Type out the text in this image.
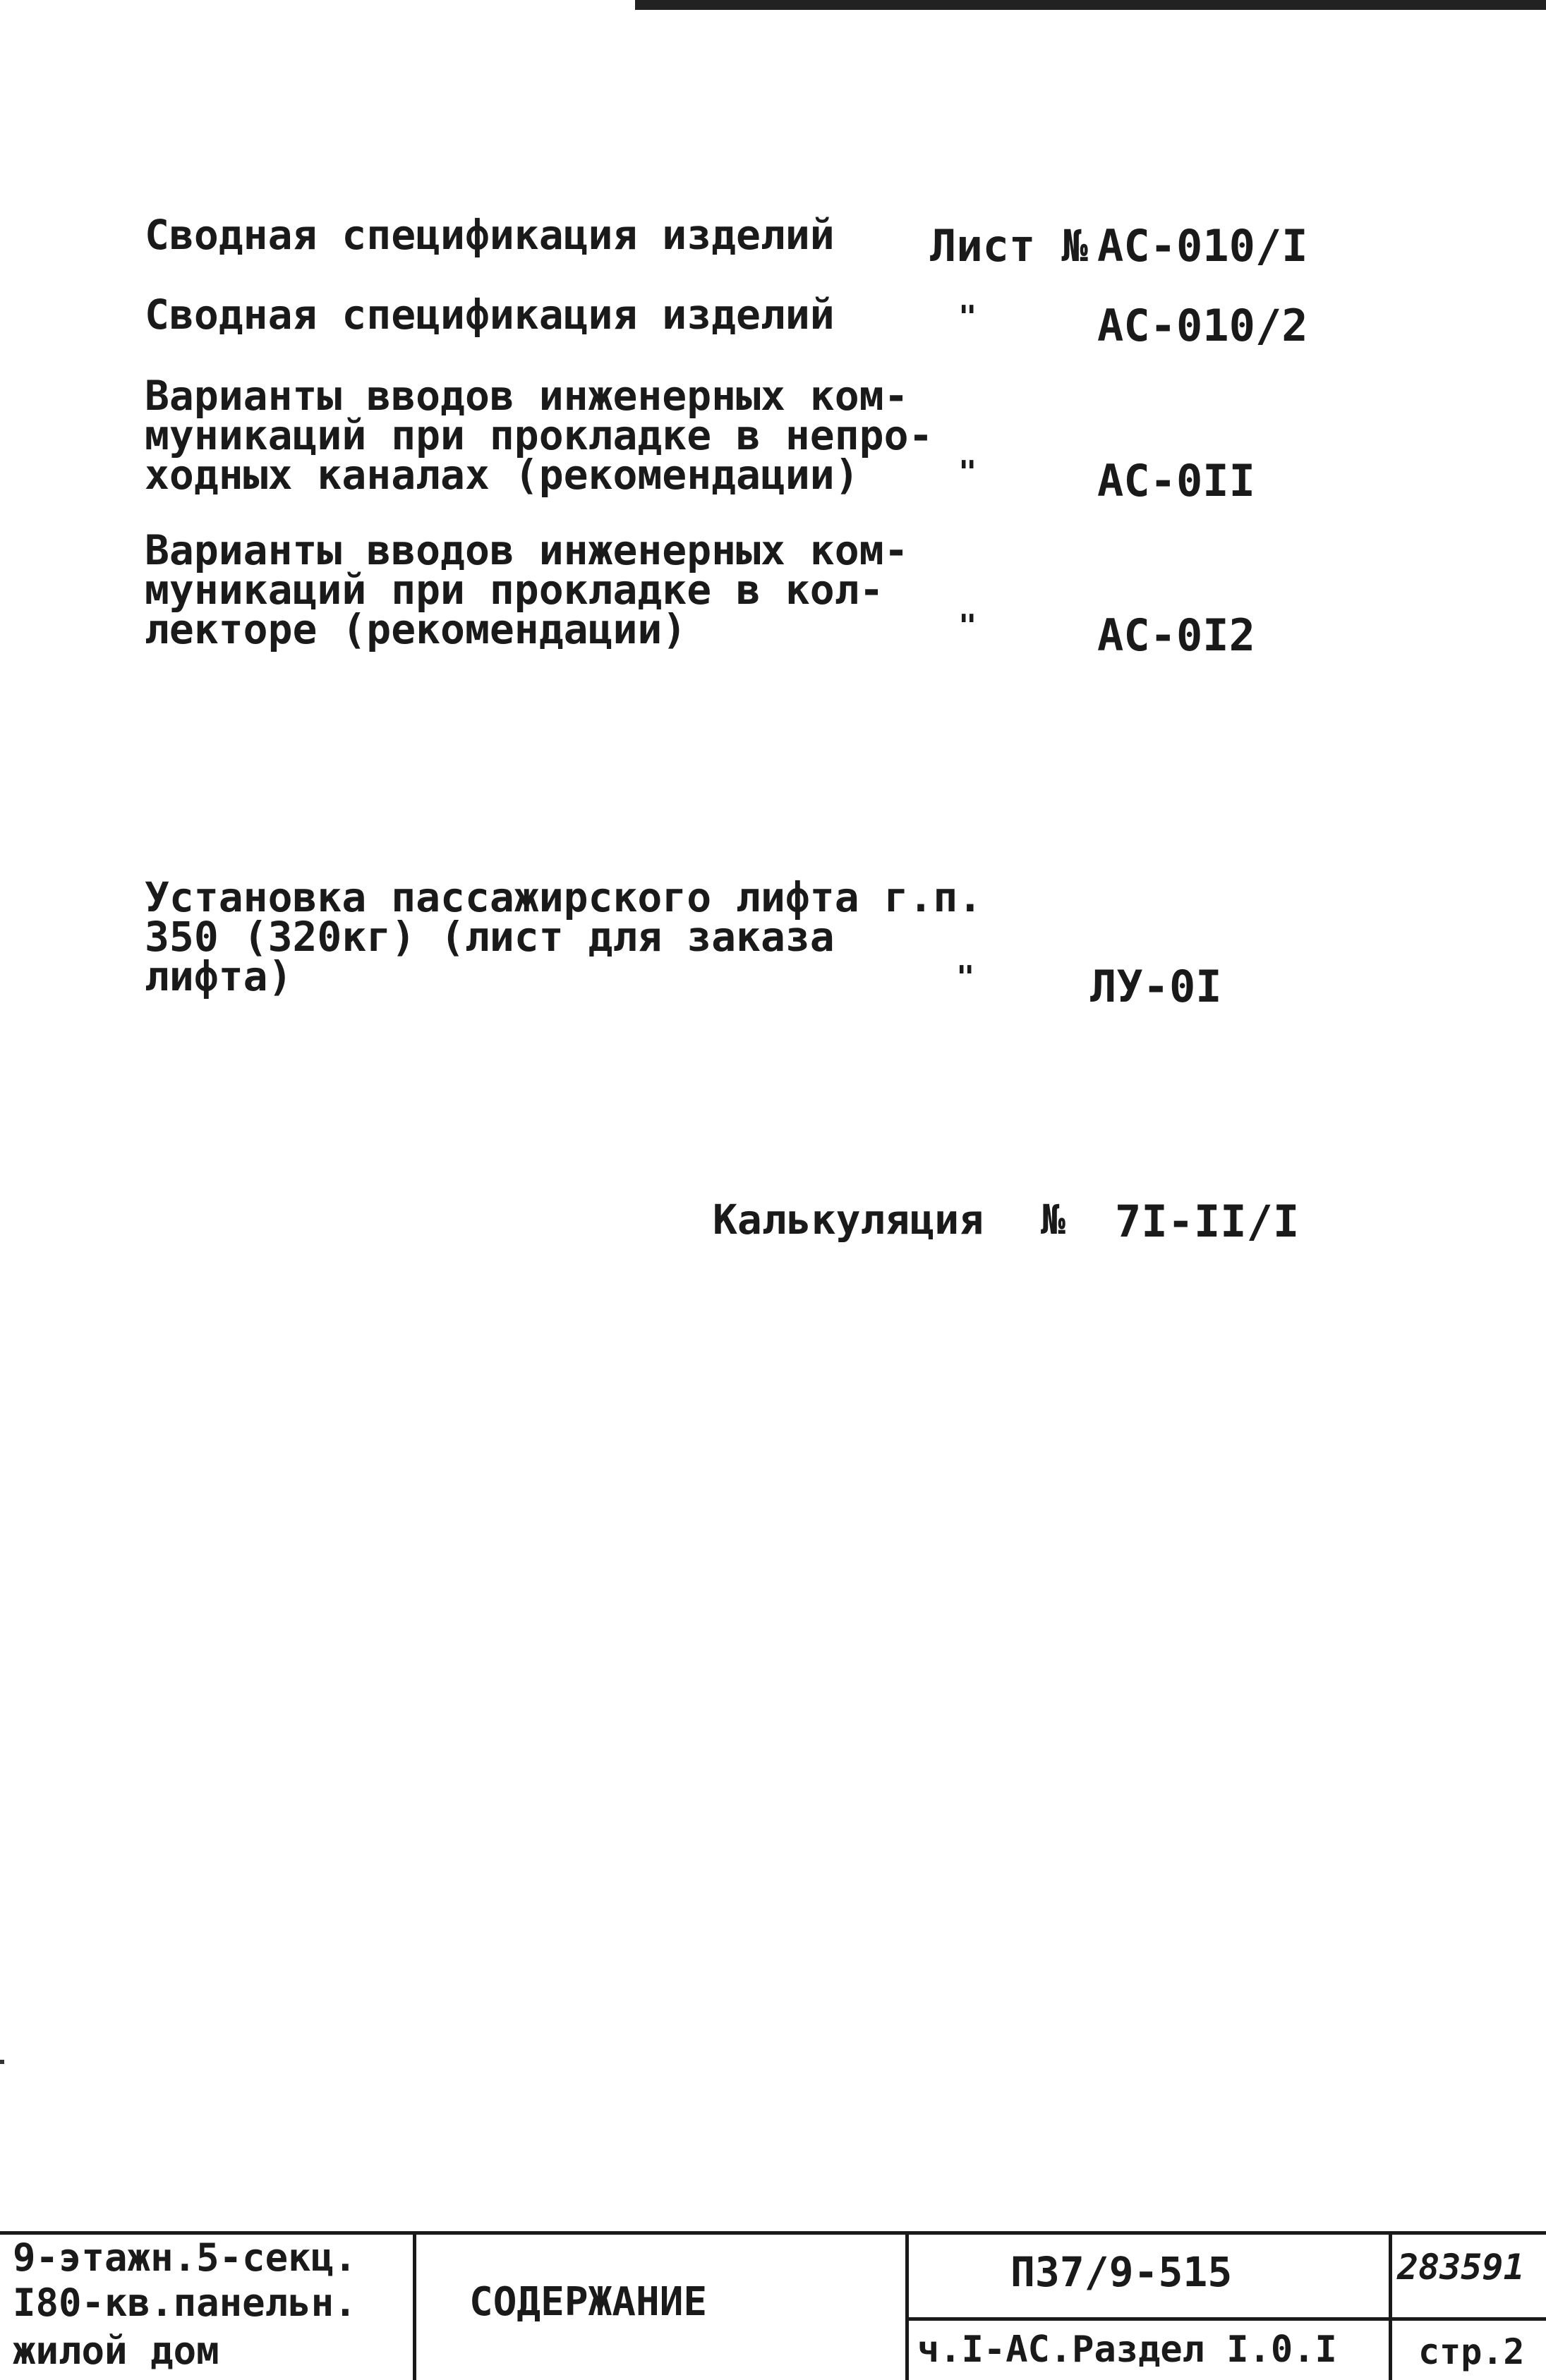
Сводная спецификация изделий Лист № АС-010/I
Сводная спецификация изделий	"	АС-010/2
Варианты вводов инженерных ком-
муникаций при прокладке в непро-
ходных каналах (рекомендации)	"	АС-0II
Варианты вводов инженерных ком-
муникаций при прокладке в кол-
лекторе (рекомендации)	"	АС-0I2
Установка пассажирского лифта г.п.
350 (320кг) (лист для заказа
лифта)	"	ЛУ-0I
Калькуляция № 7I-II/I
9-этажн.5-секц.
I80-кв.панельн.
жилой дом
СОДЕРЖАНИЕ
П37/9-515
ч.I-АС.Раздел I.0.I
283591
стр.2
